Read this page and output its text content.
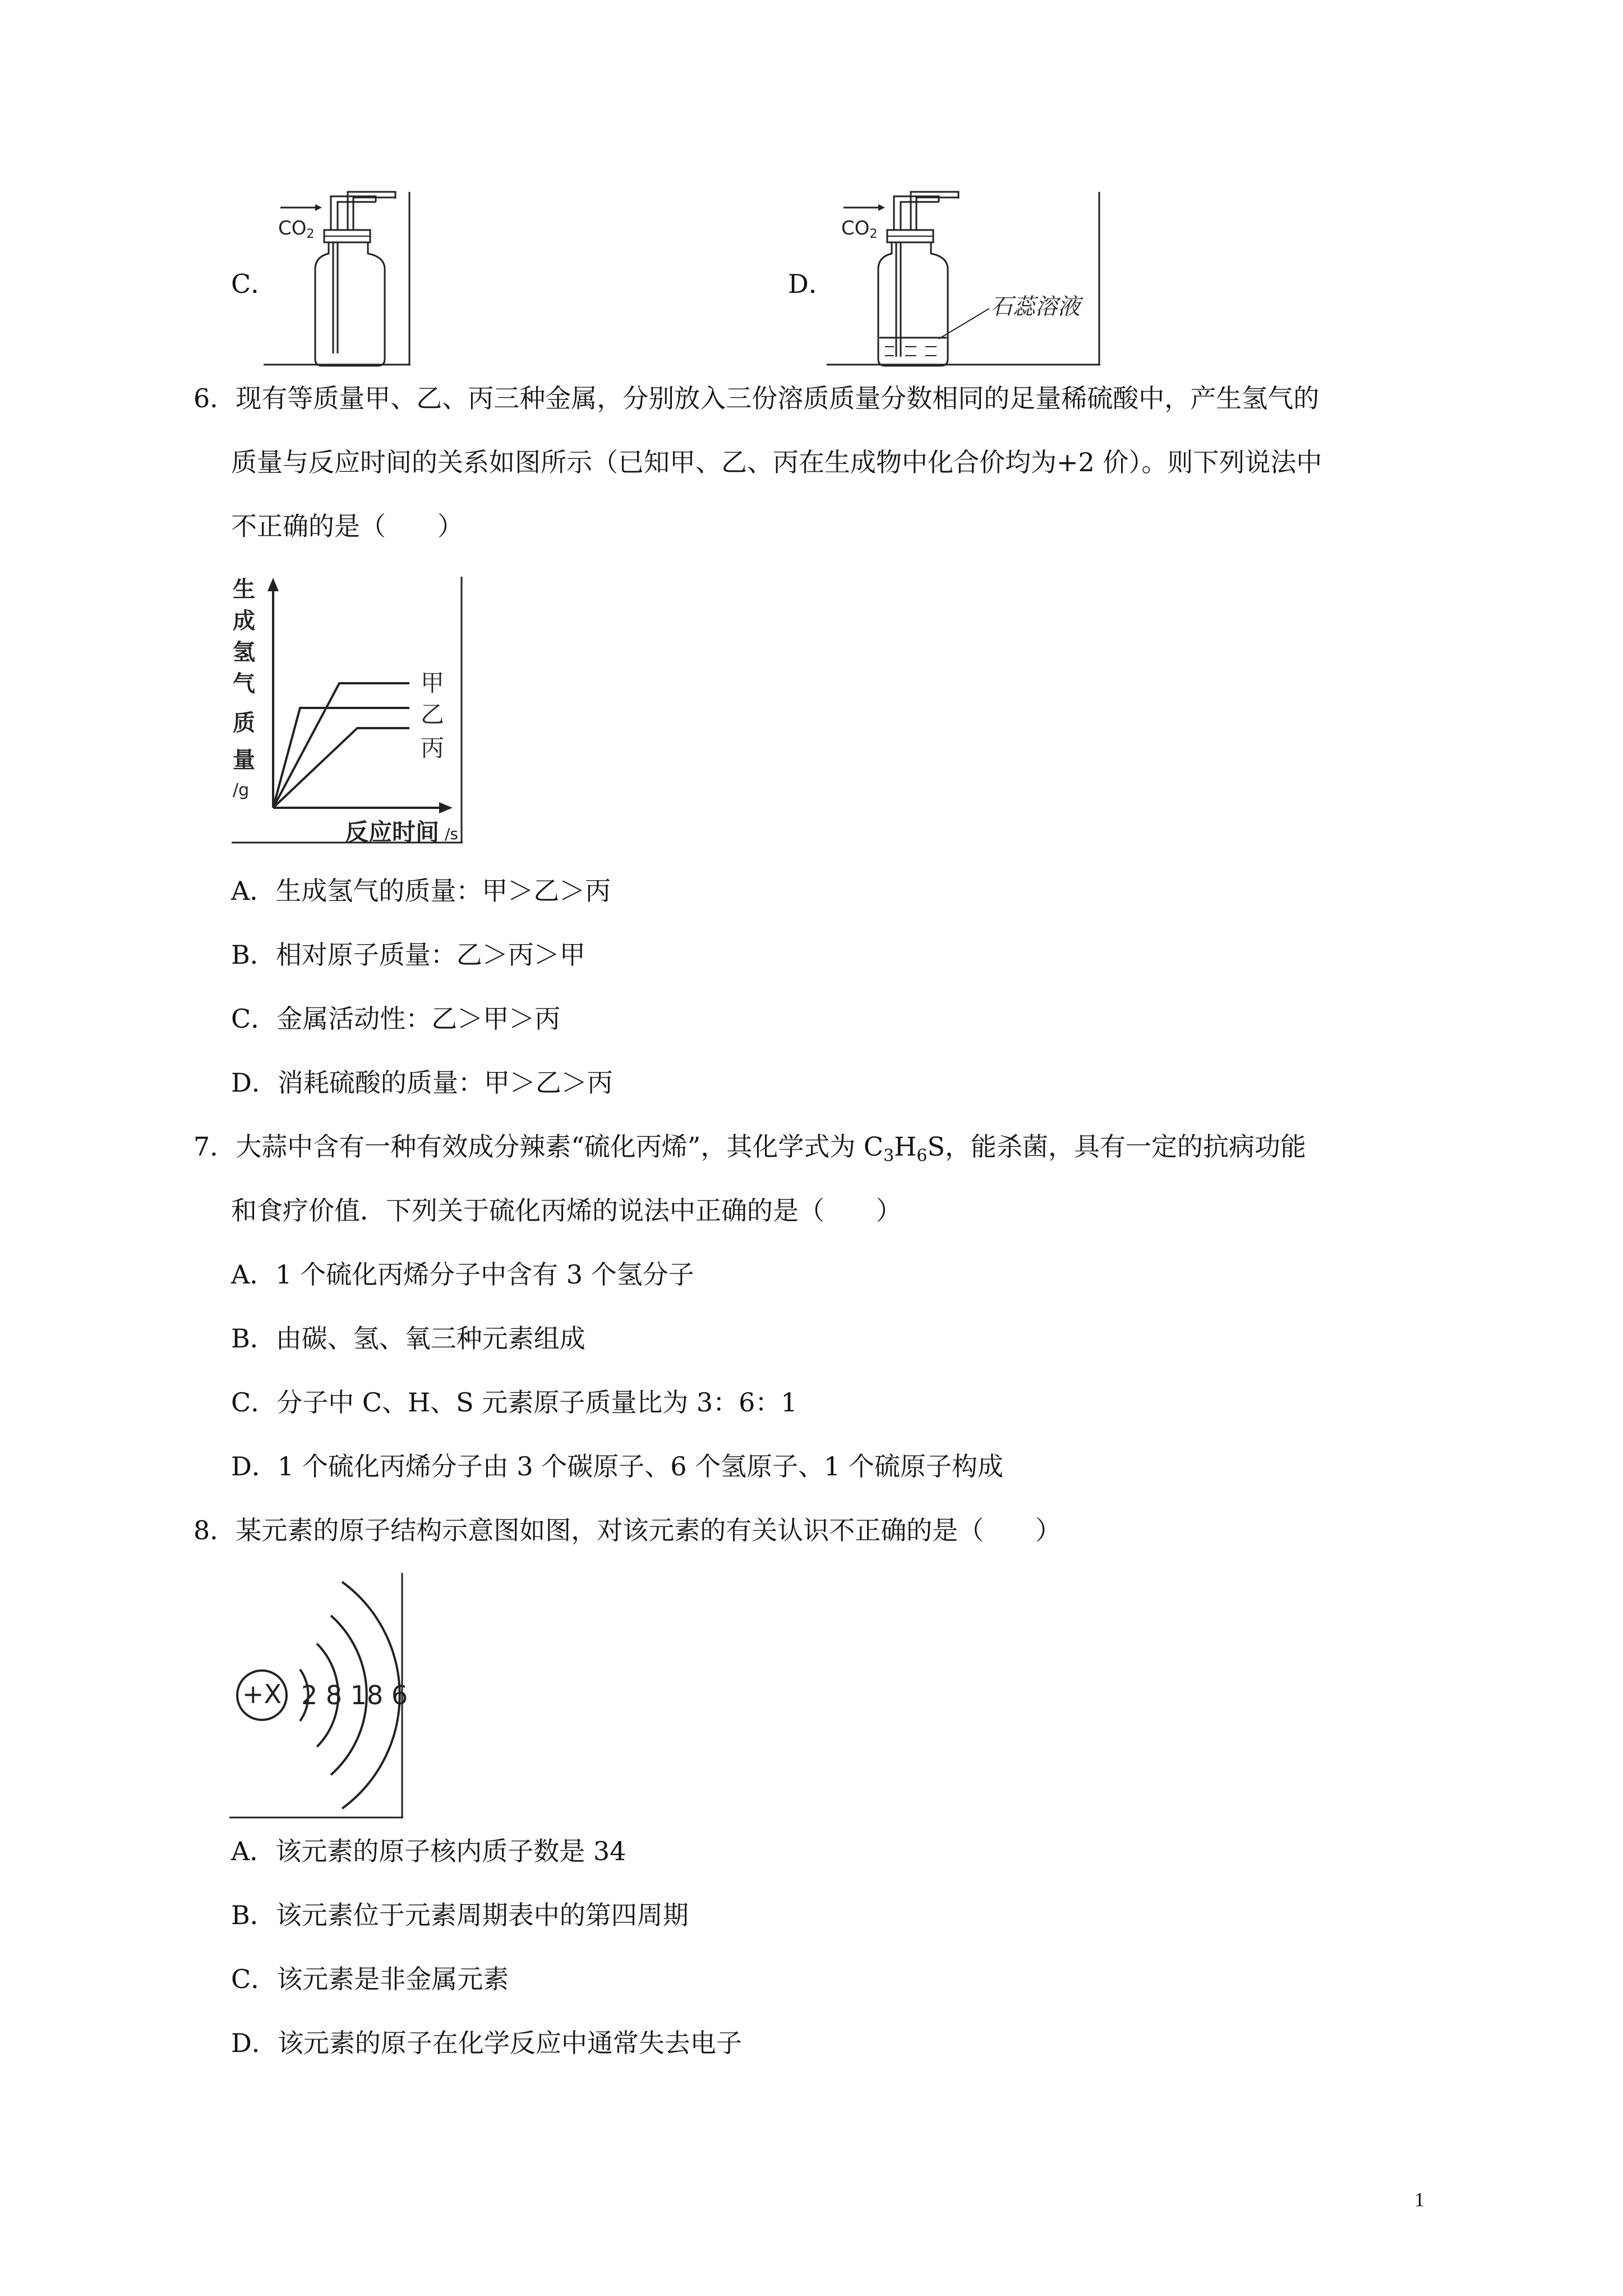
C．
CO2
D．
CO2
石蕊溶液
6．现有等质量甲、乙、丙三种金属，分别放入三份溶质质量分数相同的足量稀硫酸中，产生氢气的
质量与反应时间的关系如图所示（已知甲、乙、丙在生成物中化合价均为+2 价）。则下列说法中
不正确的是（　　）
生
成
氢
气
质
量
/g
甲
乙
丙
反应时间 /s
A．生成氢气的质量：甲＞乙＞丙
B．相对原子质量：乙＞丙＞甲
C．金属活动性：乙＞甲＞丙
D．消耗硫酸的质量：甲＞乙＞丙
7．大蒜中含有一种有效成分辣素“硫化丙烯”，其化学式为 $C_3H_6S$，能杀菌，具有一定的抗病功能
和食疗价值．下列关于硫化丙烯的说法中正确的是（　　）
A．1 个硫化丙烯分子中含有 3 个氢分子
B．由碳、氢、氧三种元素组成
C．分子中 C、H、S 元素原子质量比为 3：6：1
D．1 个硫化丙烯分子由 3 个碳原子、6 个氢原子、1 个硫原子构成
8．某元素的原子结构示意图如图，对该元素的有关认识不正确的是（　　）
+X 2 8 18 6
A．该元素的原子核内质子数是 34
B．该元素位于元素周期表中的第四周期
C．该元素是非金属元素
D．该元素的原子在化学反应中通常失去电子
1
